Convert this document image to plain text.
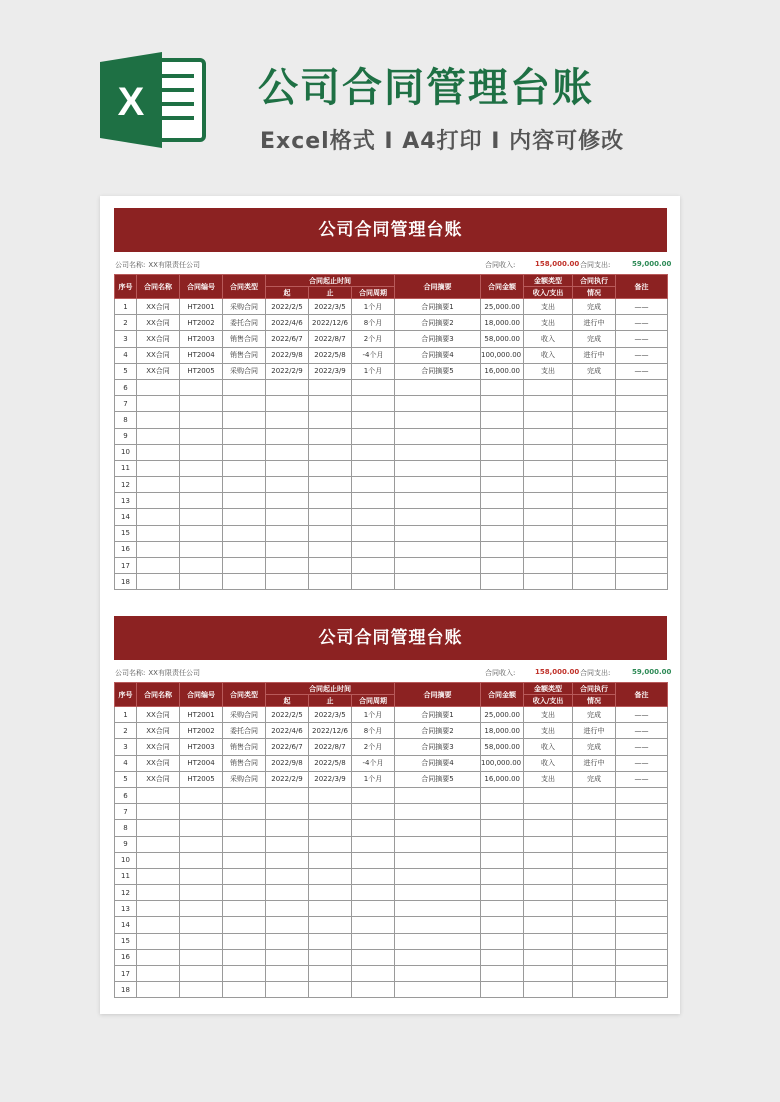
X	公司合同管理台账
Excel格式 Ⅰ A4打印 Ⅰ 内容可修改
公司合同管理台账
公司名称: XX有限责任公司	合同收入:	158,000.00 合同支出:	59,000.00
序号	合同名称	合同编号	合同类型	合同起止时间			合同摘要	合同金额	金额类型	合同执行	备注
				起	止	合同周期			收入/支出	情况	
1	XX合同	HT2001	采购合同	2022/2/5	2022/3/5	1个月	合同摘要1	25,000.00	支出	完成	——
2	XX合同	HT2002	委托合同	2022/4/6	2022/12/6	8个月	合同摘要2	18,000.00	支出	进行中	——
3	XX合同	HT2003	销售合同	2022/6/7	2022/8/7	2个月	合同摘要3	58,000.00	收入	完成	——
4	XX合同	HT2004	销售合同	2022/9/8	2022/5/8	-4个月	合同摘要4	100,000.00	收入	进行中	——
5	XX合同	HT2005	采购合同	2022/2/9	2022/3/9	1个月	合同摘要5	16,000.00	支出	完成	——
6											
7											
8											
9											
10											
11											
12											
13											
14											
15											
16											
17											
18											
公司合同管理台账
公司名称: XX有限责任公司	合同收入:	158,000.00 合同支出:	59,000.00
序号	合同名称	合同编号	合同类型	合同起止时间			合同摘要	合同金额	金额类型	合同执行	备注
				起	止	合同周期			收入/支出	情况	
1	XX合同	HT2001	采购合同	2022/2/5	2022/3/5	1个月	合同摘要1	25,000.00	支出	完成	——
2	XX合同	HT2002	委托合同	2022/4/6	2022/12/6	8个月	合同摘要2	18,000.00	支出	进行中	——
3	XX合同	HT2003	销售合同	2022/6/7	2022/8/7	2个月	合同摘要3	58,000.00	收入	完成	——
4	XX合同	HT2004	销售合同	2022/9/8	2022/5/8	-4个月	合同摘要4	100,000.00	收入	进行中	——
5	XX合同	HT2005	采购合同	2022/2/9	2022/3/9	1个月	合同摘要5	16,000.00	支出	完成	——
6											
7											
8											
9											
10											
11											
12											
13											
14											
15											
16											
17											
18											
